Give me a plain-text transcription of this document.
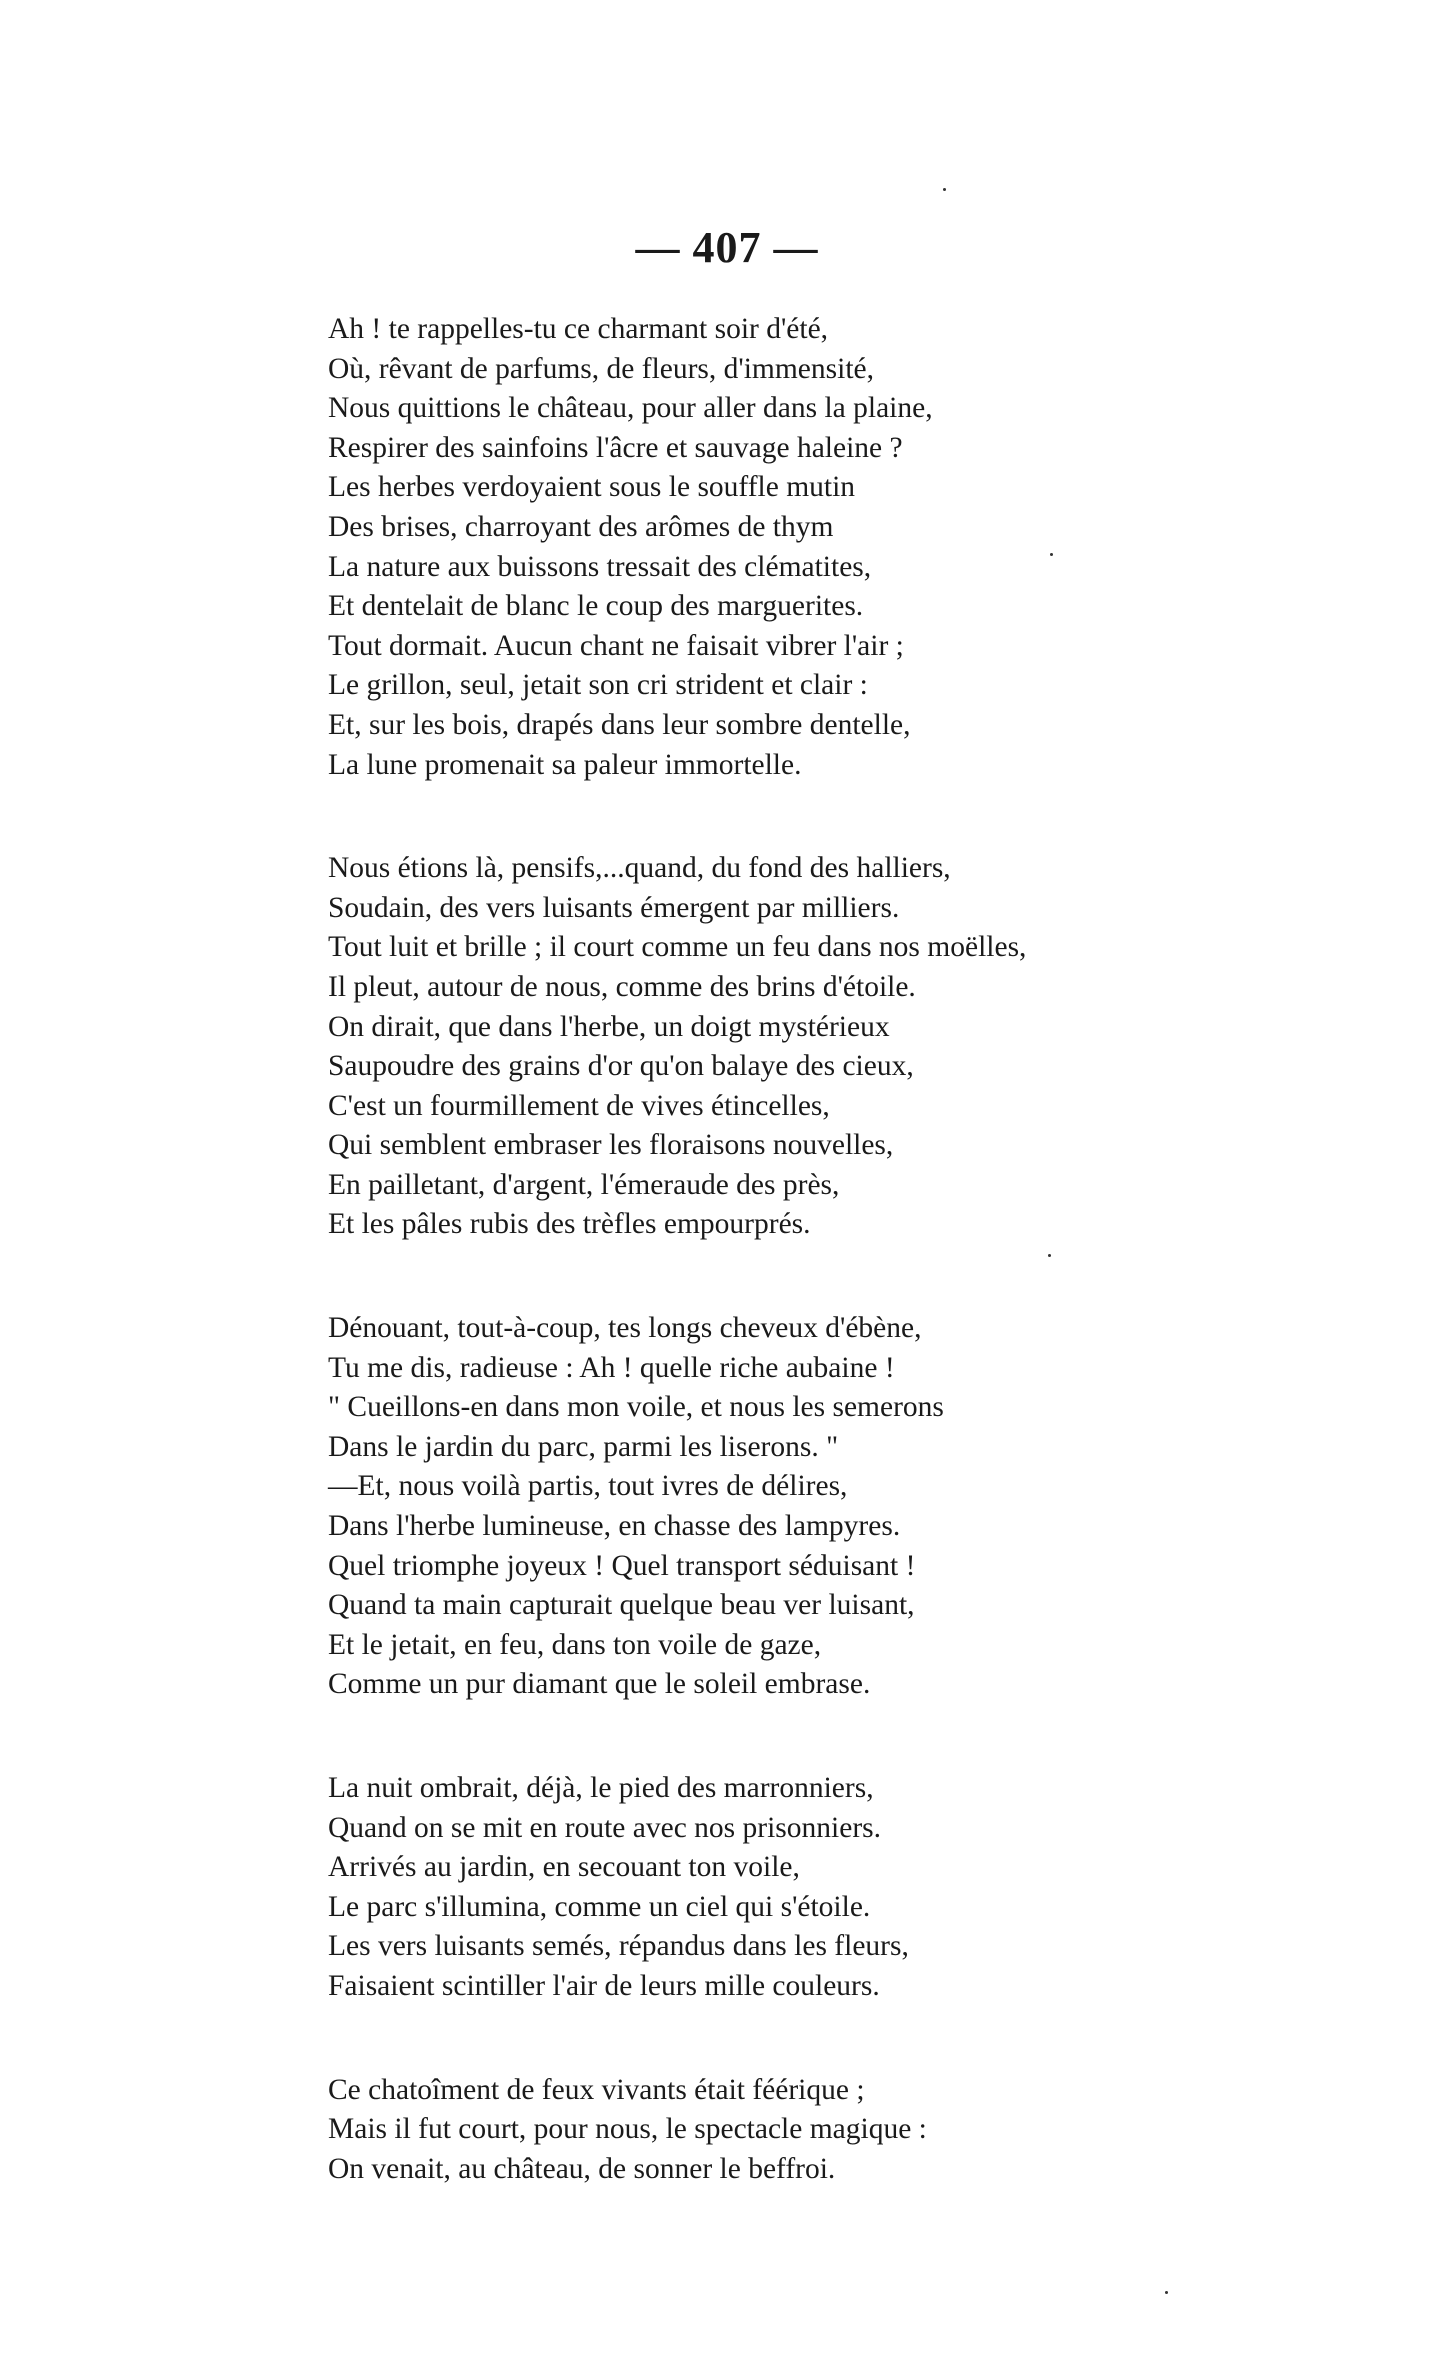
— 407 —
Ah ! te rappelles-tu ce charmant soir d'été,
Où, rêvant de parfums, de fleurs, d'immensité,
Nous quittions le château, pour aller dans la plaine,
Respirer des sainfoins l'âcre et sauvage haleine ?
Les herbes verdoyaient sous le souffle mutin
Des brises, charroyant des arômes de thym
La nature aux buissons tressait des clématites,
Et dentelait de blanc le coup des marguerites.
Tout dormait. Aucun chant ne faisait vibrer l'air ;
Le grillon, seul, jetait son cri strident et clair :
Et, sur les bois, drapés dans leur sombre dentelle,
La lune promenait sa paleur immortelle.
Nous étions là, pensifs,...quand, du fond des halliers,
Soudain, des vers luisants émergent par milliers.
Tout luit et brille ; il court comme un feu dans nos moëlles,
Il pleut, autour de nous, comme des brins d'étoile.
On dirait, que dans l'herbe, un doigt mystérieux
Saupoudre des grains d'or qu'on balaye des cieux,
C'est un fourmillement de vives étincelles,
Qui semblent embraser les floraisons nouvelles,
En pailletant, d'argent, l'émeraude des près,
Et les pâles rubis des trèfles empourprés.
Dénouant, tout-à-coup, tes longs cheveux d'ébène,
Tu me dis, radieuse : Ah ! quelle riche aubaine !
" Cueillons-en dans mon voile, et nous les semerons
Dans le jardin du parc, parmi les liserons. "
—Et, nous voilà partis, tout ivres de délires,
Dans l'herbe lumineuse, en chasse des lampyres.
Quel triomphe joyeux ! Quel transport séduisant !
Quand ta main capturait quelque beau ver luisant,
Et le jetait, en feu, dans ton voile de gaze,
Comme un pur diamant que le soleil embrase.
La nuit ombrait, déjà, le pied des marronniers,
Quand on se mit en route avec nos prisonniers.
Arrivés au jardin, en secouant ton voile,
Le parc s'illumina, comme un ciel qui s'étoile.
Les vers luisants semés, répandus dans les fleurs,
Faisaient scintiller l'air de leurs mille couleurs.
Ce chatoîment de feux vivants était féérique ;
Mais il fut court, pour nous, le spectacle magique :
On venait, au château, de sonner le beffroi.
